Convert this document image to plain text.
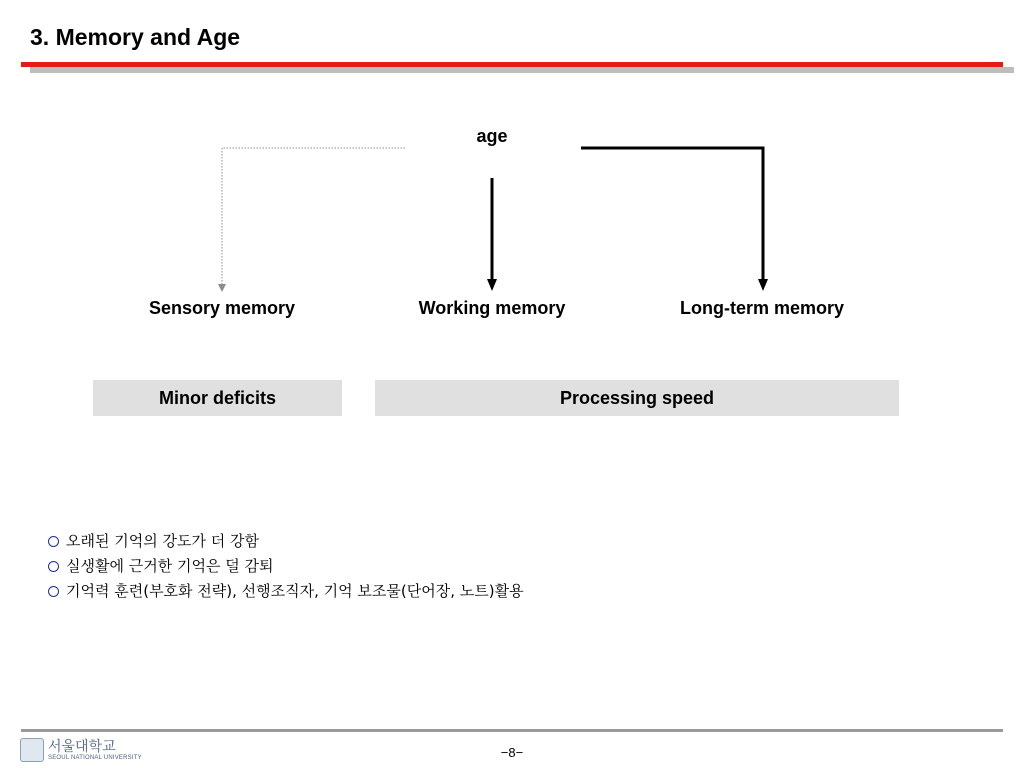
3. Memory and Age
age
Sensory memory	Working memory	Long-term memory
Minor deficits	Processing speed
오래된 기억의 강도가 더 강함
실생활에 근거한 기억은 덜 감퇴
기억력 훈련(부호화 전략), 선행조직자, 기억 보조물(단어장, 노트)활용
서울대학교
SEOUL NATIONAL UNIVERSITY	−8−
